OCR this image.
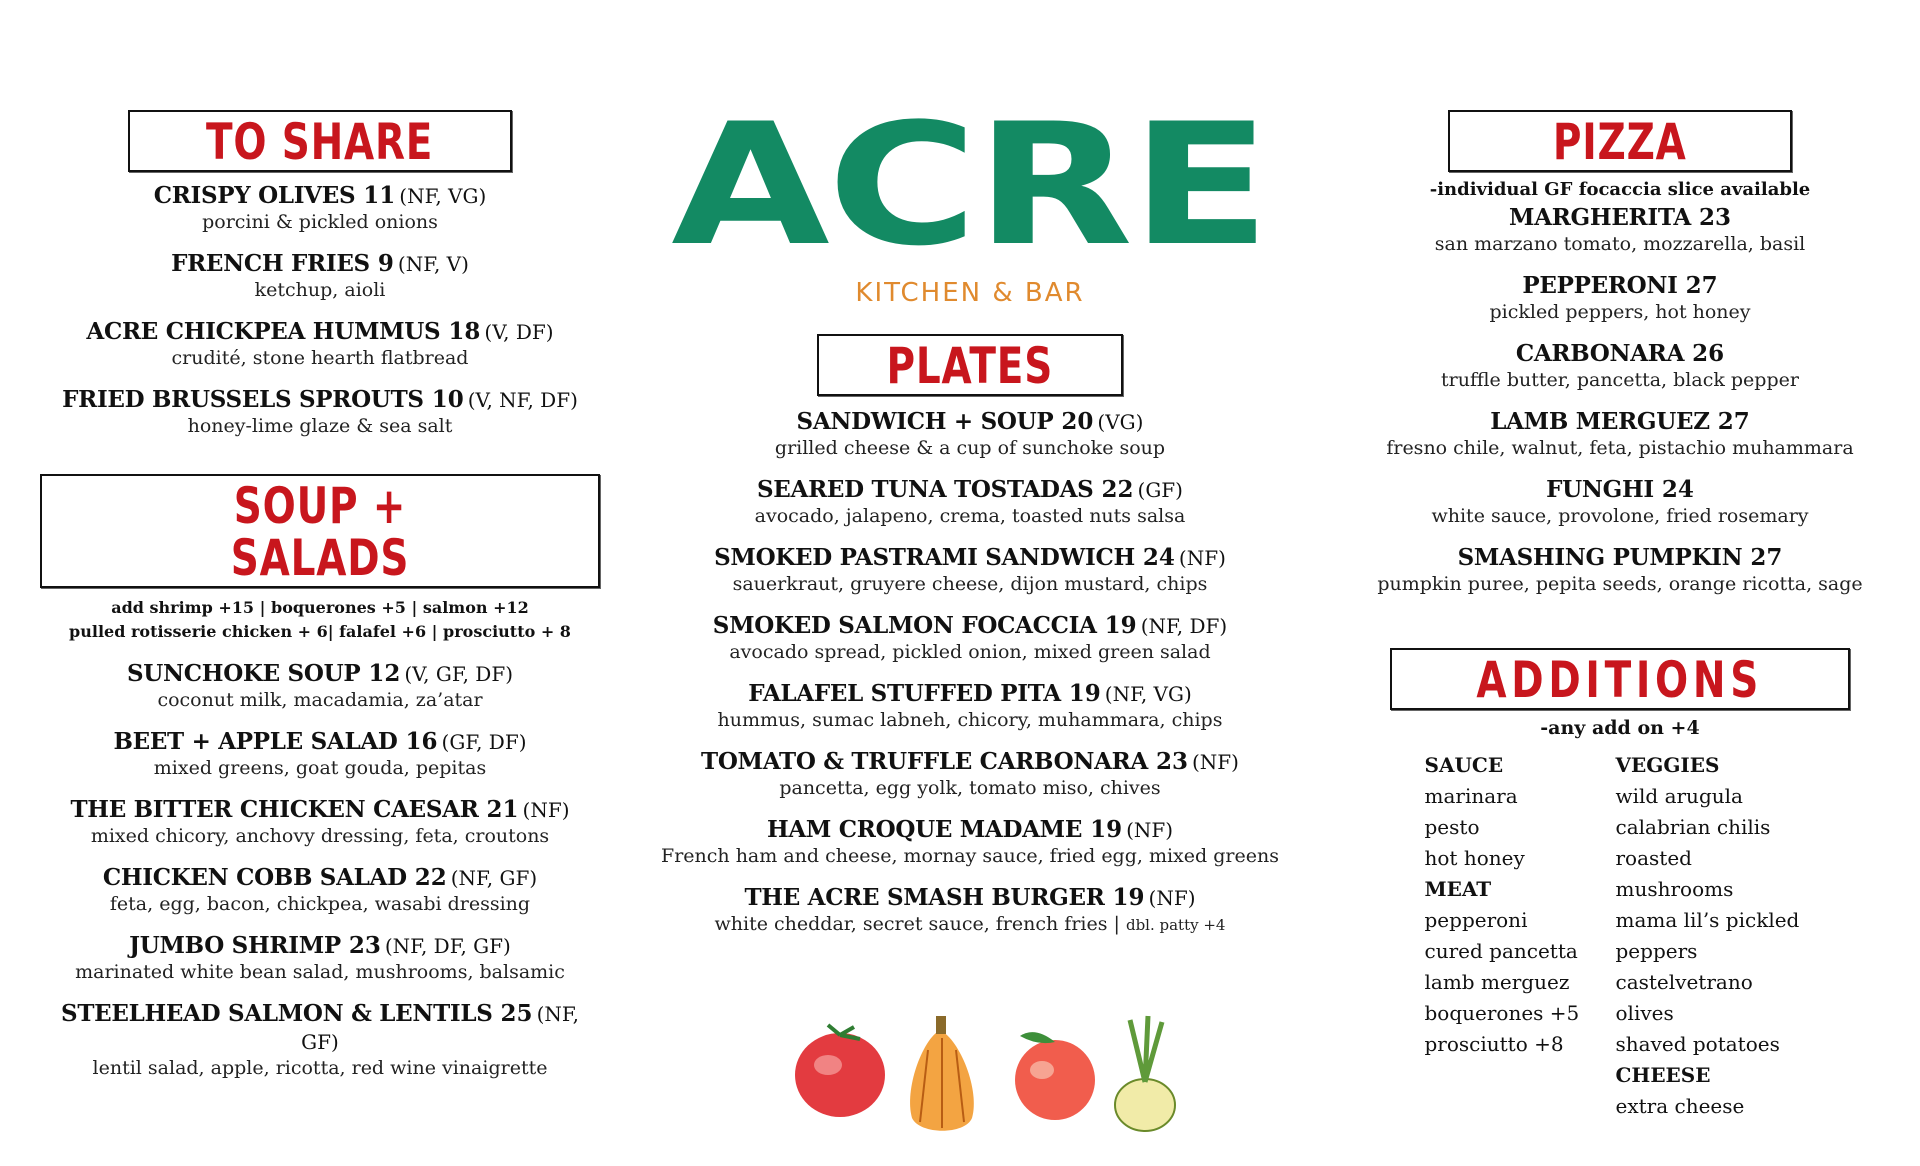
TO SHARE
CRISPY OLIVES 11 (NF, VG)
porcini & pickled onions
FRENCH FRIES 9 (NF, V)
ketchup, aioli
ACRE CHICKPEA HUMMUS 18 (V, DF)
crudité, stone hearth flatbread
FRIED BRUSSELS SPROUTS 10 (V, NF, DF)
honey-lime glaze & sea salt
SOUP + SALADS
add shrimp +15 | boquerones +5 | salmon +12
pulled rotisserie chicken + 6| falafel +6 | prosciutto + 8
SUNCHOKE SOUP 12 (V, GF, DF)
coconut milk, macadamia, za’atar
BEET + APPLE SALAD 16 (GF, DF)
mixed greens, goat gouda, pepitas
THE BITTER CHICKEN CAESAR 21 (NF)
mixed chicory, anchovy dressing, feta, croutons
CHICKEN COBB SALAD 22 (NF, GF)
feta, egg, bacon, chickpea, wasabi dressing
JUMBO SHRIMP 23 (NF, DF, GF)
marinated white bean salad, mushrooms, balsamic
STEELHEAD SALMON & LENTILS 25 (NF, GF)
lentil salad, apple, ricotta, red wine vinaigrette
ACRE
KITCHEN & BAR
PLATES
SANDWICH + SOUP 20 (VG)
grilled cheese & a cup of sunchoke soup
SEARED TUNA TOSTADAS 22 (GF)
avocado, jalapeno, crema, toasted nuts salsa
SMOKED PASTRAMI SANDWICH 24 (NF)
sauerkraut, gruyere cheese, dijon mustard, chips
SMOKED SALMON FOCACCIA 19 (NF, DF)
avocado spread, pickled onion, mixed green salad
FALAFEL STUFFED PITA 19 (NF, VG)
hummus, sumac labneh, chicory, muhammara, chips
TOMATO & TRUFFLE CARBONARA 23 (NF)
pancetta, egg yolk, tomato miso, chives
HAM CROQUE MADAME 19 (NF)
French ham and cheese, mornay sauce, fried egg, mixed greens
THE ACRE SMASH BURGER 19 (NF)
white cheddar, secret sauce, french fries | dbl. patty +4
PIZZA
-individual GF focaccia slice available
MARGHERITA 23
san marzano tomato, mozzarella, basil
PEPPERONI 27
pickled peppers, hot honey
CARBONARA 26
truffle butter, pancetta, black pepper
LAMB MERGUEZ 27
fresno chile, walnut, feta, pistachio muhammara
FUNGHI 24
white sauce, provolone, fried rosemary
SMASHING PUMPKIN 27
pumpkin puree, pepita seeds, orange ricotta, sage
ADDITIONS
-any add on +4
SAUCE
marinara
pesto
hot honey
MEAT
pepperoni
cured pancetta
lamb merguez
boquerones +5
prosciutto +8
VEGGIES
wild arugula
calabrian chilis
roasted mushrooms
mama lil’s pickled
peppers
castelvetrano olives
shaved potatoes
CHEESE
extra cheese
